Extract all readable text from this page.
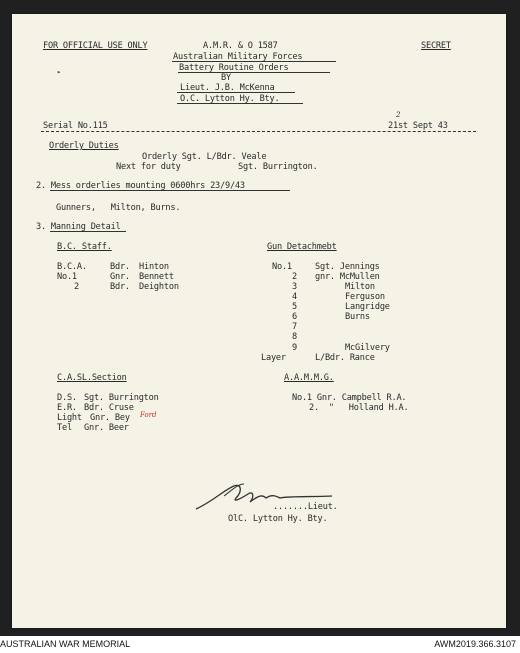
FOR OFFICIAL USE ONLY	A.M.R. & O 1587	SECRET
Australian Military Forces
Battery Routine Orders
BY
Lieut. J.B. McKenna
O.C. Lytton Hy. Bty.
▸
Serial No.115	21st Sept 43
2
Orderly Duties
Orderly Sgt. L/Bdr. Veale
Next for duty	Sgt. Burrington.
2. Mess orderlies mounting 0600hrs 23/9/43
Gunners,   Milton, Burns.
3. Manning Detail
B.C. Staff.
B.C.A.	Bdr. Hinton
No.1	Gnr. Bennett
2	Bdr. Deighton
Gun Detachmebt
No.1	Sgt. Jennings
2 gnr. McMullen
3	Milton
4	Ferguson
5	Langridge
6	Burns
7
8
9	McGilvery
Layer	L/Bdr. Rance
C.A.SL.Section
D.S. Sgt. Burrington
E.R. Bdr. Cruse
Light Gnr. Bey Ford
Tel Gnr. Beer
A.A.M.M.G.
No.1 Gnr. Campbell R.A.
2.  "   Holland H.A.
.......Lieut.
OlC. Lytton Hy. Bty.
AUSTRALIAN WAR MEMORIAL	AWM2019.366.3107
